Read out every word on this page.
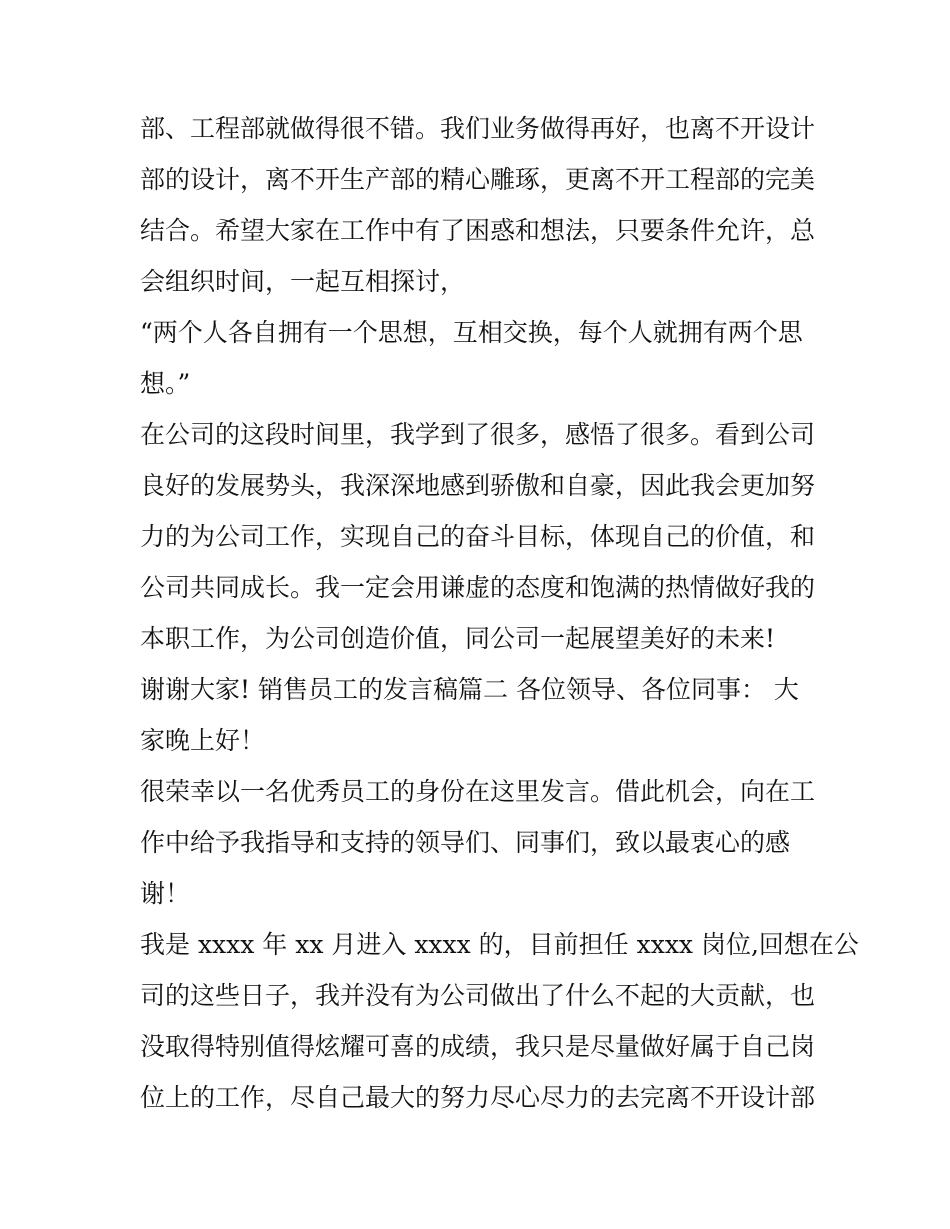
部、工程部就做得很不错。我们业务做得再好，也离不开设计
部的设计，离不开生产部的精心雕琢，更离不开工程部的完美
结合。希望大家在工作中有了困惑和想法，只要条件允许，总
会组织时间，一起互相探讨，
“两个人各自拥有一个思想，互相交换，每个人就拥有两个思
想。”
在公司的这段时间里，我学到了很多，感悟了很多。看到公司
良好的发展势头，我深深地感到骄傲和自豪，因此我会更加努
力的为公司工作，实现自己的奋斗目标，体现自己的价值，和
公司共同成长。我一定会用谦虚的态度和饱满的热情做好我的
本职工作，为公司创造价值，同公司一起展望美好的未来!
谢谢大家! 销售员工的发言稿篇二 各位领导、各位同事： 大
家晚上好！
很荣幸以一名优秀员工的身份在这里发言。借此机会，向在工
作中给予我指导和支持的领导们、同事们，致以最衷心的感
谢！
我是 xxxx 年 xx 月进入 xxxx 的，目前担任 xxxx 岗位,回想在公
司的这些日子，我并没有为公司做出了什么不起的大贡献，也
没取得特别值得炫耀可喜的成绩，我只是尽量做好属于自己岗
位上的工作，尽自己最大的努力尽心尽力的去完离不开设计部
